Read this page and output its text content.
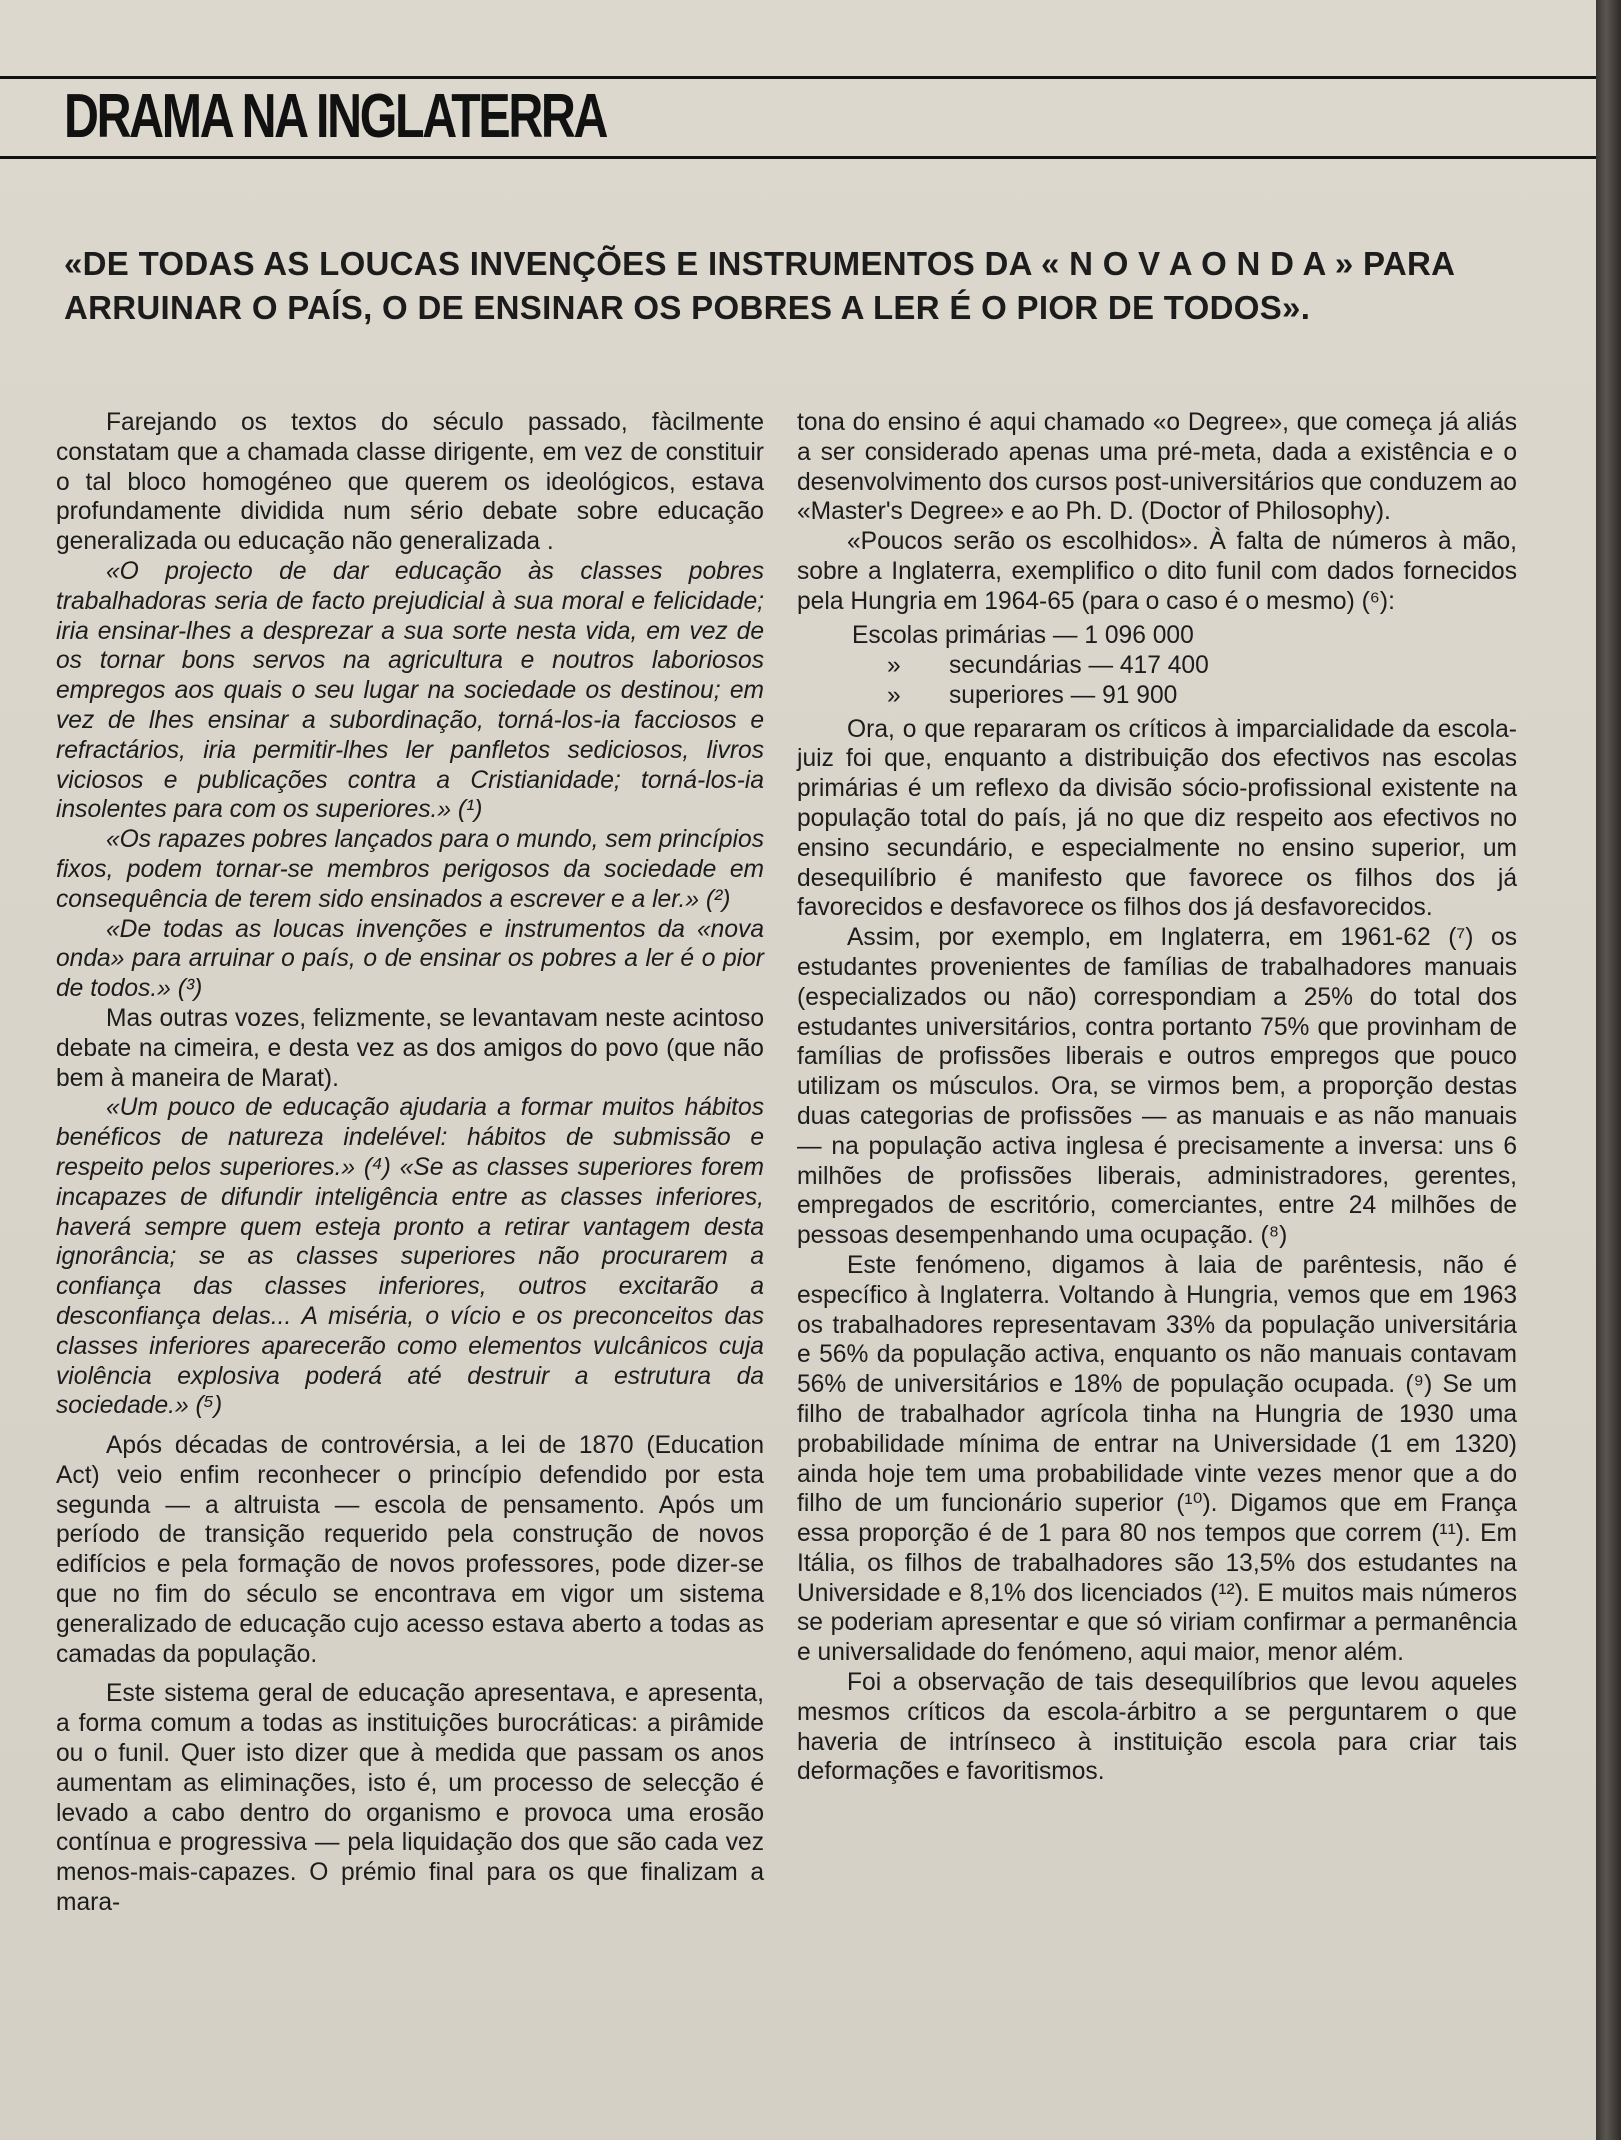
DRAMA NA INGLATERRA
«DE TODAS AS LOUCAS INVENÇÕES E INSTRUMENTOS DA « N O V A O N D A » PARA
ARRUINAR O PAÍS, O DE ENSINAR OS POBRES A LER É O PIOR DE TODOS».

Farejando os textos do século passado, fàcilmente constatam que a chamada classe dirigente, em vez de constituir o tal bloco homogéneo que querem os ideológicos, estava profundamente dividida num sério debate sobre educação generalizada ou educação não generalizada .

«O projecto de dar educação às classes pobres trabalhadoras seria de facto prejudicial à sua moral e felicidade; iria ensinar-lhes a desprezar a sua sorte nesta vida, em vez de os tornar bons servos na agricultura e noutros laboriosos empregos aos quais o seu lugar na sociedade os destinou; em vez de lhes ensinar a subordinação, torná-los-ia facciosos e refractários, iria permitir-lhes ler panfletos sediciosos, livros viciosos e publicações contra a Cristianidade; torná-los-ia insolentes para com os superiores.» (¹)

«Os rapazes pobres lançados para o mundo, sem princípios fixos, podem tornar-se membros perigosos da sociedade em consequência de terem sido ensinados a escrever e a ler.» (²)

«De todas as loucas invenções e instrumentos da «nova onda» para arruinar o país, o de ensinar os pobres a ler é o pior de todos.» (³)

Mas outras vozes, felizmente, se levantavam neste acintoso debate na cimeira, e desta vez as dos amigos do povo (que não bem à maneira de Marat).

«Um pouco de educação ajudaria a formar muitos hábitos benéficos de natureza indelével: hábitos de submissão e respeito pelos superiores.» (⁴) «Se as classes superiores forem incapazes de difundir inteligência entre as classes inferiores, haverá sempre quem esteja pronto a retirar vantagem desta ignorância; se as classes superiores não procurarem a confiança das classes inferiores, outros excitarão a desconfiança delas... A miséria, o vício e os preconceitos das classes inferiores aparecerão como elementos vulcânicos cuja violência explosiva poderá até destruir a estrutura da sociedade.» (⁵)

Após décadas de controvérsia, a lei de 1870 (Education Act) veio enfim reconhecer o princípio defendido por esta segunda — a altruista — escola de pensamento. Após um período de transição requerido pela construção de novos edifícios e pela formação de novos professores, pode dizer-se que no fim do século se encontrava em vigor um sistema generalizado de educação cujo acesso estava aberto a todas as camadas da população.

Este sistema geral de educação apresentava, e apresenta, a forma comum a todas as instituições burocráticas: a pirâmide ou o funil. Quer isto dizer que à medida que passam os anos aumentam as eliminações, isto é, um processo de selecção é levado a cabo dentro do organismo e provoca uma erosão contínua e progressiva — pela liquidação dos que são cada vez menos-mais-capazes. O prémio final para os que finalizam a mara-

tona do ensino é aqui chamado «o Degree», que começa já aliás a ser considerado apenas uma pré-meta, dada a existência e o desenvolvimento dos cursos post-universitários que conduzem ao «Master's Degree» e ao Ph. D. (Doctor of Philosophy).

«Poucos serão os escolhidos». À falta de números à mão, sobre a Inglaterra, exemplifico o dito funil com dados fornecidos pela Hungria em 1964-65 (para o caso é o mesmo) (⁶):

Escolas primárias — 1 096 000
»	secundárias — 417 400
»	superiores — 91 900

Ora, o que repararam os críticos à imparcialidade da escola-juiz foi que, enquanto a distribuição dos efectivos nas escolas primárias é um reflexo da divisão sócio-profissional existente na população total do país, já no que diz respeito aos efectivos no ensino secundário, e especialmente no ensino superior, um desequilíbrio é manifesto que favorece os filhos dos já favorecidos e desfavorece os filhos dos já desfavorecidos.

Assim, por exemplo, em Inglaterra, em 1961-62 (⁷) os estudantes provenientes de famílias de trabalhadores manuais (especializados ou não) correspondiam a 25% do total dos estudantes universitários, contra portanto 75% que provinham de famílias de profissões liberais e outros empregos que pouco utilizam os músculos. Ora, se virmos bem, a proporção destas duas categorias de profissões — as manuais e as não manuais — na população activa inglesa é precisamente a inversa: uns 6 milhões de profissões liberais, administradores, gerentes, empregados de escritório, comerciantes, entre 24 milhões de pessoas desempenhando uma ocupação. (⁸)

Este fenómeno, digamos à laia de parêntesis, não é específico à Inglaterra. Voltando à Hungria, vemos que em 1963 os trabalhadores representavam 33% da população universitária e 56% da população activa, enquanto os não manuais contavam 56% de universitários e 18% de população ocupada. (⁹) Se um filho de trabalhador agrícola tinha na Hungria de 1930 uma probabilidade mínima de entrar na Universidade (1 em 1320) ainda hoje tem uma probabilidade vinte vezes menor que a do filho de um funcionário superior (¹⁰). Digamos que em França essa proporção é de 1 para 80 nos tempos que correm (¹¹). Em Itália, os filhos de trabalhadores são 13,5% dos estudantes na Universidade e 8,1% dos licenciados (¹²). E muitos mais números se poderiam apresentar e que só viriam confirmar a permanência e universalidade do fenómeno, aqui maior, menor além.

Foi a observação de tais desequilíbrios que levou aqueles mesmos críticos da escola-árbitro a se perguntarem o que haveria de intrínseco à instituição escola para criar tais deformações e favoritismos.
